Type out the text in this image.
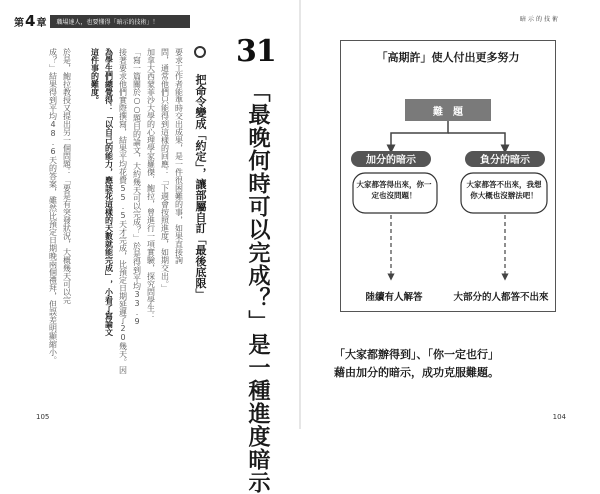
第 4 章	職場達人，也要懂得「暗示的技術」！
要求工作者能準時交出成果，是一件很困難的事，如果直接詢
問，通常他們只能得到這樣的回應：「下週會按照進度，如期交出。」
加拿大西蒙菲沙大學的心理學家羅傑．鮑拉，曾進行一項實驗，探究問學生：
「寫一篇關於○○題目的論文，大約幾天可以完成？」於是得到平均33.9
接著要求他們實際撰寫，結果平均花費55.5天才完成，比預定日期延遲了20幾天。因
為學生們總覺得：「以自己的能力，應該花這樣的天數就能完成」，小看了寫論文
這件事的難度。
於是，鮑拉教授又提出另一個問題：「要是有突發狀況，大概幾天可以完
成？」結果得到平均48.6天的答案，雖然比預定日期晚兩個禮拜，但誤差明顯縮小。	把命令變成「約定」，讓部屬自訂「最後底限」
31
「最晚何時可以完成？」是一種進度暗示
105
暗示的技術
「高期許」使人付出更多努力
難　題
加分的暗示	負分的暗示
大家都答得出來，你一定也沒問題！
大家都答不出來，我想你大概也沒辦法吧！
陸續有人解答	大部分的人都答不出來
「大家都辦得到」、「你一定也行」
藉由加分的暗示，成功克服難題。
104
